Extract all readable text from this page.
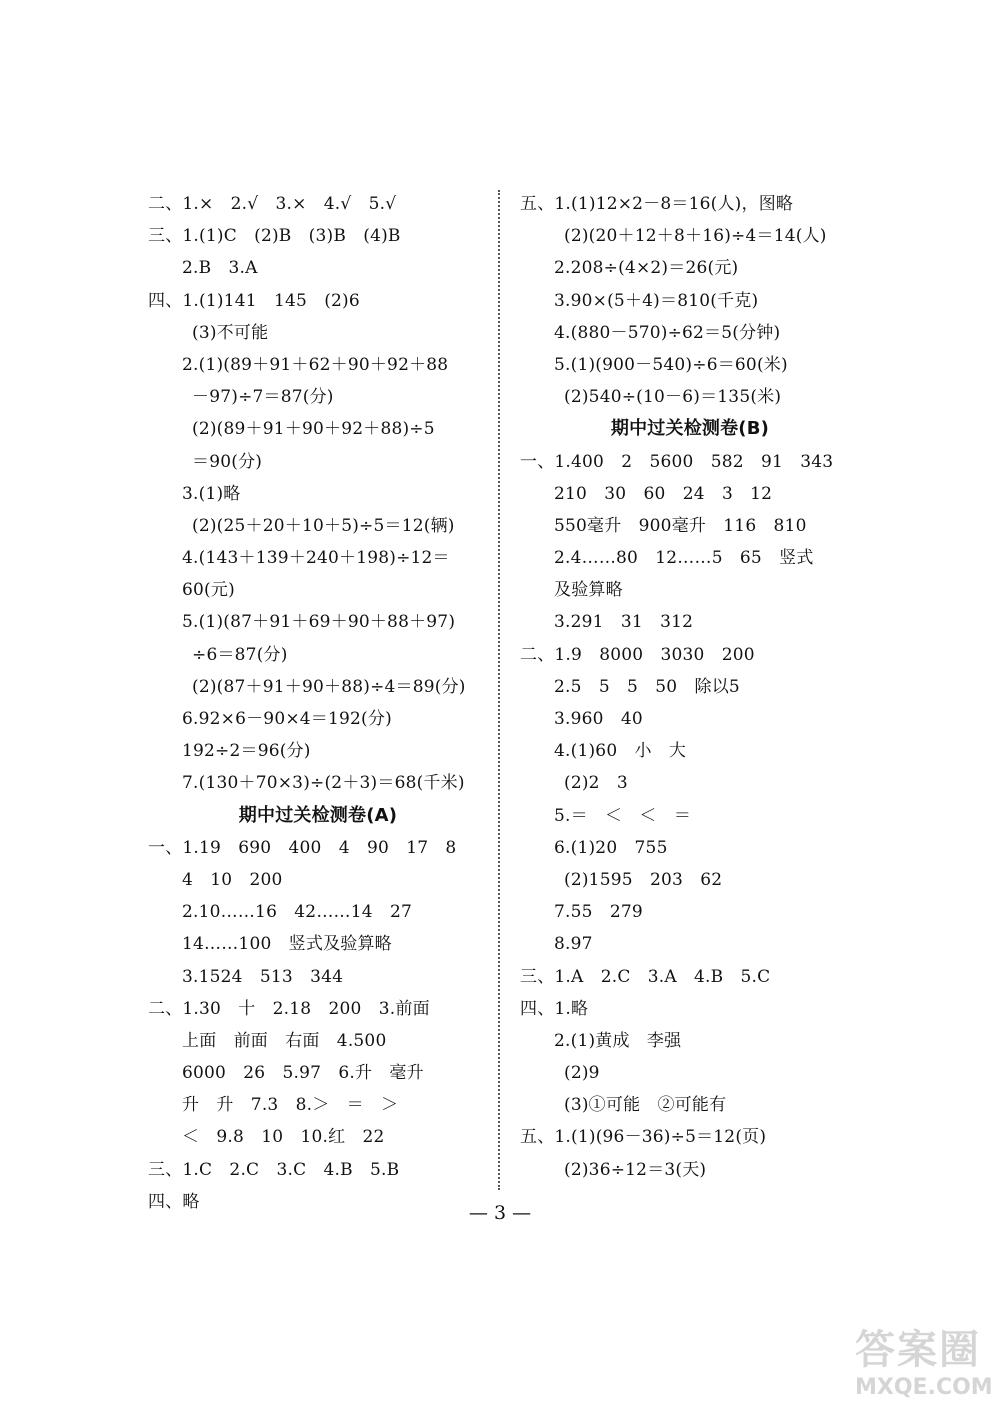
二、1.×　2.√　3.×　4.√　5.√
三、1.(1)C　(2)B　(3)B　(4)B
2.B　3.A
四、1.(1)141　145　(2)6
(3)不可能
2.(1)(89＋91＋62＋90＋92＋88
－97)÷7＝87(分)
(2)(89＋91＋90＋92＋88)÷5
＝90(分)
3.(1)略
(2)(25＋20＋10＋5)÷5＝12(辆)
4.(143＋139＋240＋198)÷12＝
60(元)
5.(1)(87＋91＋69＋90＋88＋97)
÷6＝87(分)
(2)(87＋91＋90＋88)÷4＝89(分)
6.92×6－90×4＝192(分)
192÷2＝96(分)
7.(130＋70×3)÷(2＋3)＝68(千米)
期中过关检测卷(A)
一、1.19　690　400　4　90　17　8
4　10　200
2.10……16　42……14　27
14……100　竖式及验算略
3.1524　513　344
二、1.30　十　2.18　200　3.前面
上面　前面　右面　4.500
6000　26　5.97　6.升　毫升
升　升　7.3　8.＞　＝　＞
＜　9.8　10　10.红　22
三、1.C　2.C　3.C　4.B　5.B
四、略
五、1.(1)12×2－8＝16(人)，图略
(2)(20＋12＋8＋16)÷4＝14(人)
2.208÷(4×2)＝26(元)
3.90×(5＋4)＝810(千克)
4.(880－570)÷62＝5(分钟)
5.(1)(900－540)÷6＝60(米)
(2)540÷(10－6)＝135(米)
期中过关检测卷(B)
一、1.400　2　5600　582　91　343
210　30　60　24　3　12
550毫升　900毫升　116　810
2.4……80　12……5　65　竖式
及验算略
3.291　31　312
二、1.9　8000　3030　200
2.5　5　5　50　除以5
3.960　40
4.(1)60　小　大
(2)2　3
5.＝　＜　＜　＝
6.(1)20　755
(2)1595　203　62
7.55　279
8.97
三、1.A　2.C　3.A　4.B　5.C
四、1.略
2.(1)黄成　李强
(2)9
(3)①可能　②可能有
五、1.(1)(96－36)÷5＝12(页)
(2)36÷12＝3(天)
— 3 —
答案圈
MXQE.COM
